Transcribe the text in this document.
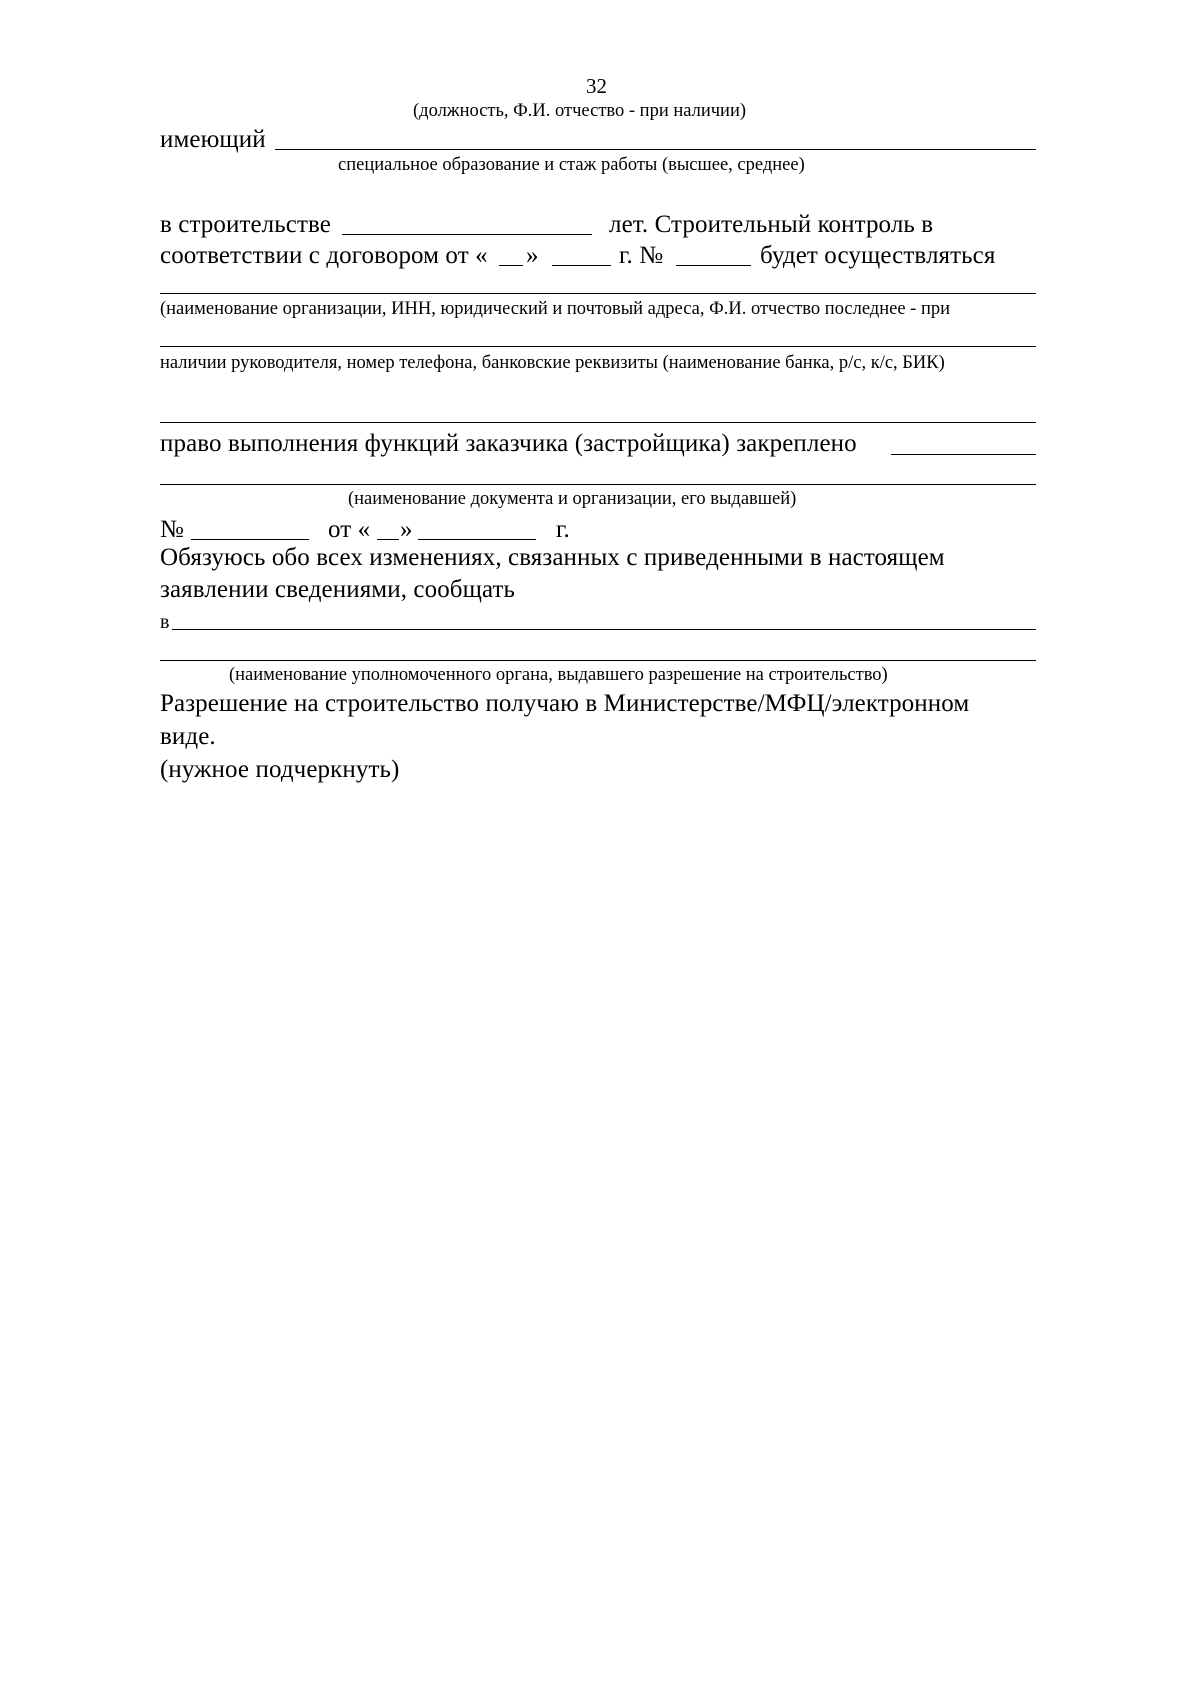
32
(должность, Ф.И. отчество - при наличии)
имеющий
специальное образование и стаж работы (высшее, среднее)
в строительстве	лет. Строительный контроль в
соответствии с договором от « »	г. №	будет осуществляться
(наименование организации, ИНН, юридический и почтовый адреса, Ф.И. отчество последнее - при
наличии руководителя, номер телефона, банковские реквизиты (наименование банка, р/с, к/с, БИК)
право выполнения функций заказчика (застройщика) закреплено
(наименование документа и организации, его выдавшей)
№	от « »	г.
Обязуюсь обо всех изменениях, связанных с приведенными в настоящем
заявлении сведениями, сообщать
в
(наименование уполномоченного органа, выдавшего разрешение на строительство)
Разрешение на строительство получаю в Министерстве/МФЦ/электронном
виде.
(нужное подчеркнуть)
